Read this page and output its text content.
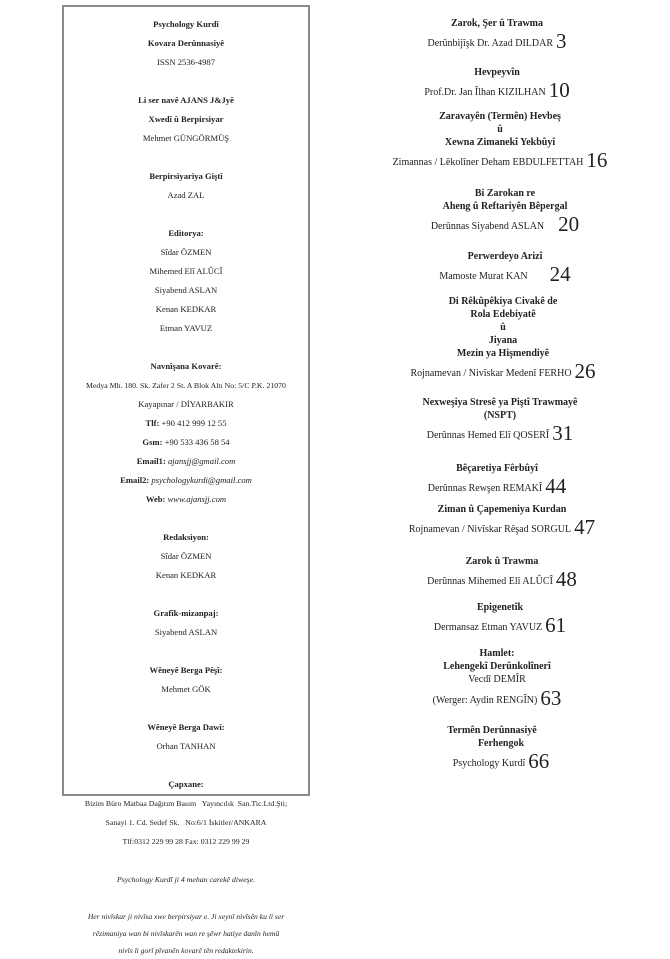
Psychology Kurdî
Kovara Derûnnasiyê
ISSN 2536-4987
Li ser navê AJANS J&Jyê
Xwedî û Berpirsiyar
Mehmet GÜNGÖRMÜŞ
Berpirsiyariya Giştî
Azad ZAL
Editorya:
Sîdar ÖZMEN
Mihemed Elî ALÛCÎ
Siyabend ASLAN
Kenan KEDKAR
Etman YAVUZ
Navnîşana Kovarê:
Medya Mh. 180. Sk. Zafer 2 St. A Blok Altı No: 5/C P.K. 21070
Kayapınar / DİYARBAKIR
Tlf: +90 412 999 12 55
Gsm: +90 533 436 58 54
Email1: ajansjj@gmail.com
Email2: psychologykurdi@gmail.com
Web: www.ajansjj.com
Redaksiyon:
Sîdar ÖZMEN
Kenan KEDKAR
Grafîk-mizanpaj:
Siyabend ASLAN
Wêneyê Berga Pêşî:
Mehmet GÖK
Wêneyê Berga Dawî:
Orhan TANHAN
Çapxane:
Bizim Büro Matbaa Dağıtım Basım   Yayıncılık  San.Tic.Ltd.Şti;
Sanayi 1. Cd. Sedef Sk.   No:6/1 İskitler/ANKARA
Tlf:0312 229 99 28 Fax: 0312 229 99 29
Psychology Kurdî ji 4 mehan carekê diweşe.
Her nivîskar ji nivîsa xwe berpirsiyar e. Ji xeynî nivîsên ku li ser
rêzimaniya wan bi nivîskarên wan re şêwr hatiye danîn hemû
nivîs li gorî pîvanên kovarê tên redaktekirin.
Zarok, Şer û Trawma
Derûnbijîşk Dr. Azad DILDAR 3
Hevpeyvîn
Prof.Dr. Jan Îlhan KIZILHAN 10
Zaravayên (Termên) Hevbeş
û
Xewna Zimanekî Yekbûyî
Zimannas / Lêkolîner Deham EBDULFETTAH 16
Bi Zarokan re
Aheng û Reftariyên Bêpergal
Derûnnas Siyabend ASLAN 20
Perwerdeyo Arizî
Mamoste Murat KAN 24
Di Rêkûpêkiya Civakê de
Rola Edebiyatê
û
Jiyana
Mezin ya Hişmendiyê
Rojnamevan / Nivîskar Medenî FERHO 26
Nexweşiya Stresê ya Piştî Trawmayê
(NSPT)
Derûnnas Hemed Elî QOSERÎ 31
Bêçaretiya Fêrbûyî
Derûnnas Rewşen REMAKÎ 44
Ziman û Çapemeniya Kurdan
Rojnamevan / Nivîskar Rêşad SORGUL 47
Zarok û Trawma
Derûnnas Mihemed Elî ALÛCÎ 48
Epigenetîk
Dermansaz Etman YAVUZ 61
Hamlet:
Lehengekî Derûnkolînerî
Vecdî DEMÎR
(Werger: Aydin RENGÎN) 63
Termên Derûnnasiyê
Ferhengok
Psychology Kurdî 66
